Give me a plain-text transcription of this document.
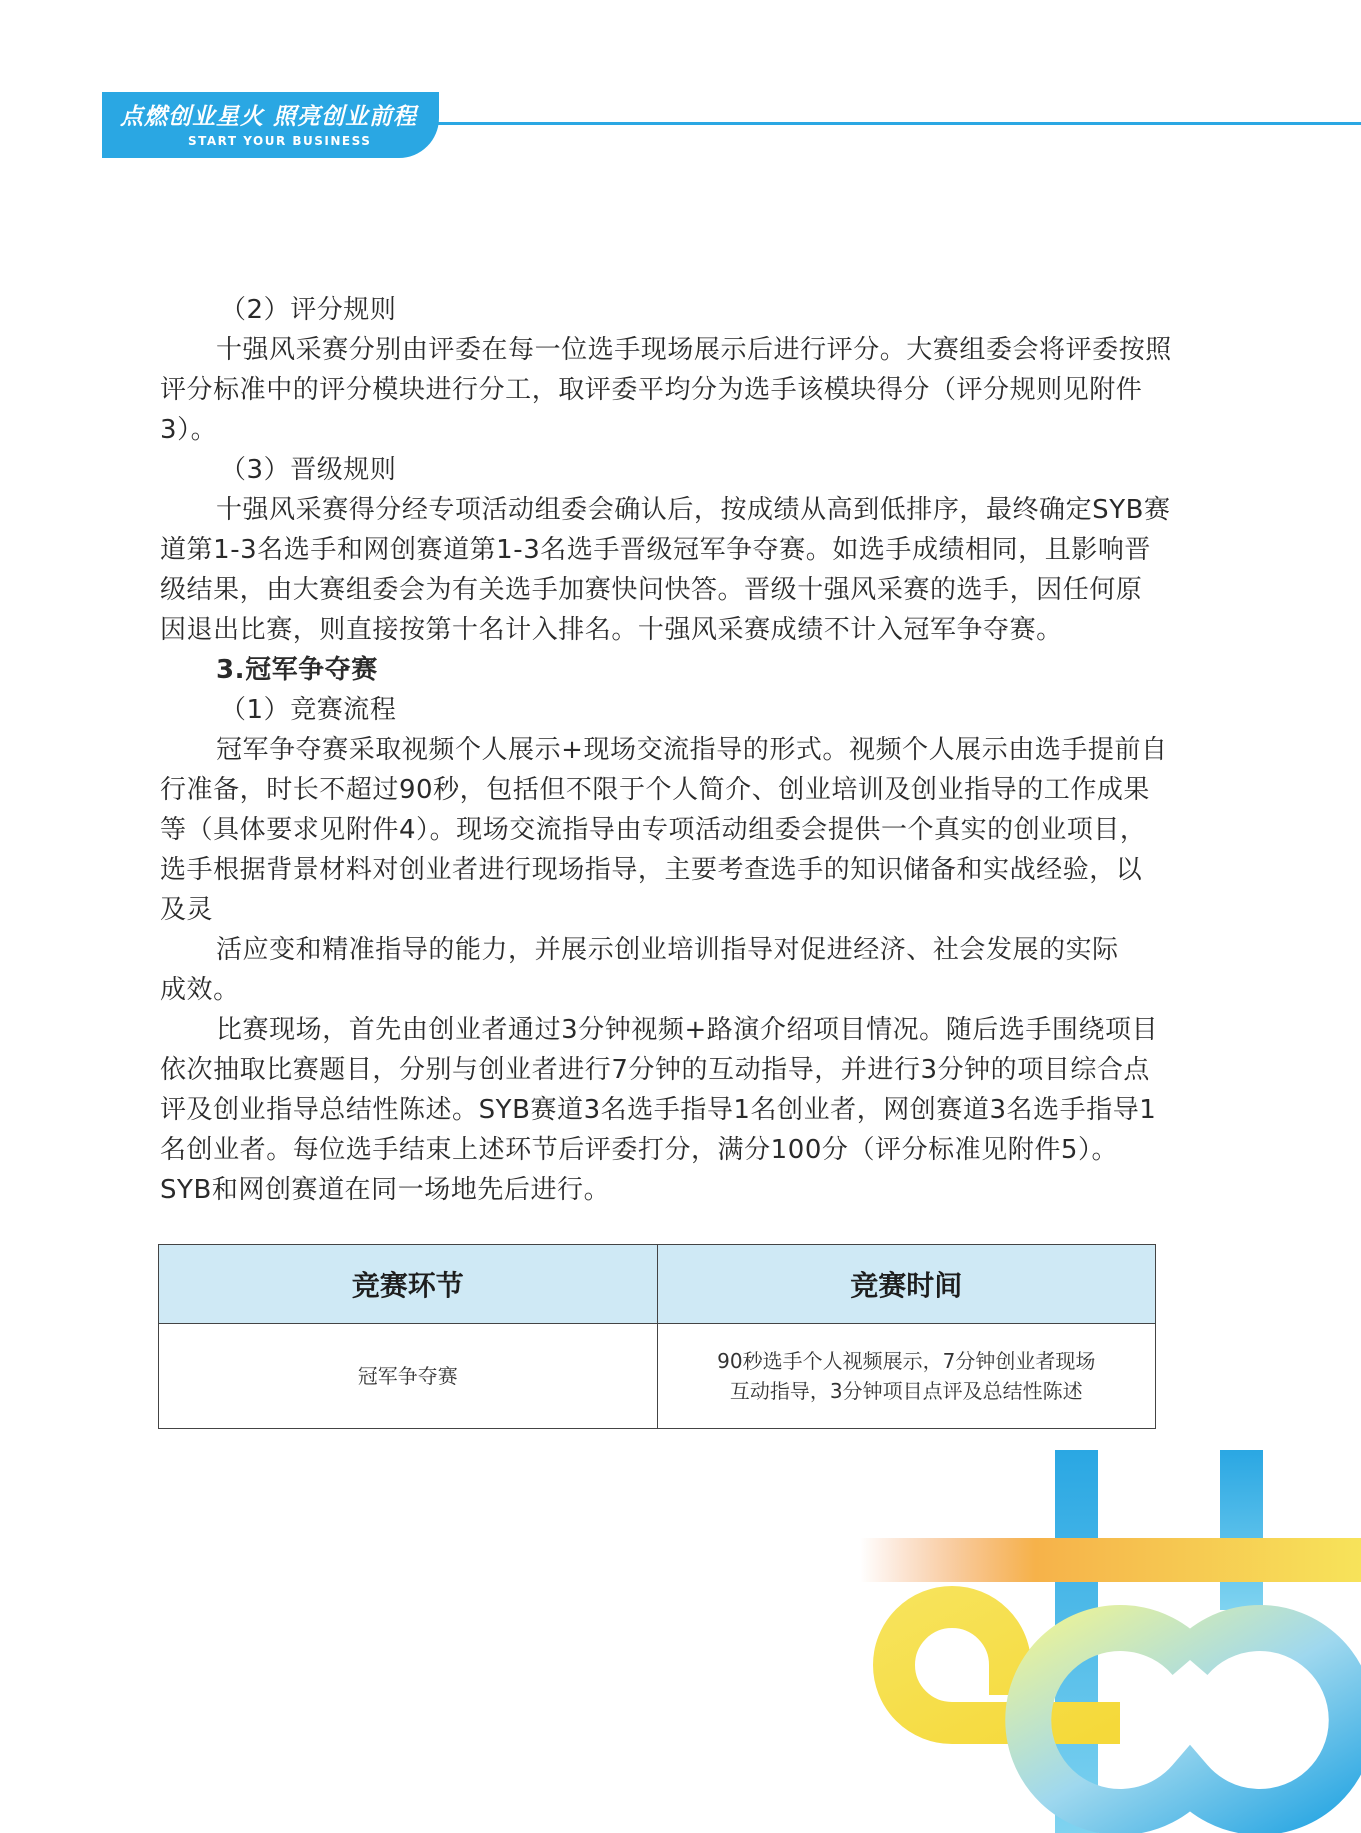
点燃创业星火 照亮创业前程
START YOUR BUSINESS
（2）评分规则
十强风采赛分别由评委在每一位选手现场展示后进行评分。大赛组委会将评委按照
评分标准中的评分模块进行分工，取评委平均分为选手该模块得分（评分规则见附件
3）。
（3）晋级规则
十强风采赛得分经专项活动组委会确认后，按成绩从高到低排序，最终确定SYB赛
道第1-3名选手和网创赛道第1-3名选手晋级冠军争夺赛。如选手成绩相同，且影响晋
级结果，由大赛组委会为有关选手加赛快问快答。晋级十强风采赛的选手，因任何原
因退出比赛，则直接按第十名计入排名。十强风采赛成绩不计入冠军争夺赛。
3.冠军争夺赛
（1）竞赛流程
冠军争夺赛采取视频个人展示+现场交流指导的形式。视频个人展示由选手提前自
行准备，时长不超过90秒，包括但不限于个人简介、创业培训及创业指导的工作成果
等（具体要求见附件4）。现场交流指导由专项活动组委会提供一个真实的创业项目，
选手根据背景材料对创业者进行现场指导，主要考查选手的知识储备和实战经验，以
及灵
活应变和精准指导的能力，并展示创业培训指导对促进经济、社会发展的实际
成效。
比赛现场，首先由创业者通过3分钟视频+路演介绍项目情况。随后选手围绕项目
依次抽取比赛题目，分别与创业者进行7分钟的互动指导，并进行3分钟的项目综合点
评及创业指导总结性陈述。SYB赛道3名选手指导1名创业者，网创赛道3名选手指导1
名创业者。每位选手结束上述环节后评委打分，满分100分（评分标准见附件5）。
SYB和网创赛道在同一场地先后进行。
竞赛环节	竞赛时间
冠军争夺赛	90秒选手个人视频展示，7分钟创业者现场
互动指导，3分钟项目点评及总结性陈述
